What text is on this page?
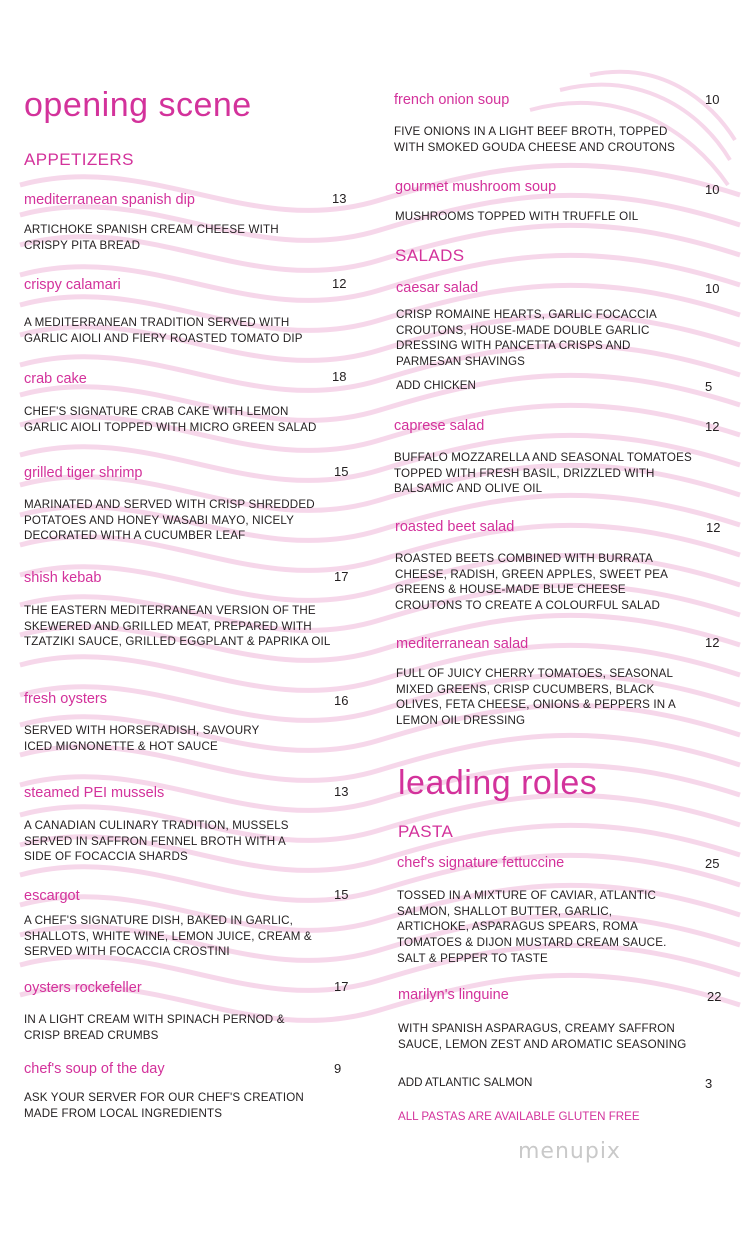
opening scene
APPETIZERS
mediterranean spanish dip	13
ARTICHOKE SPANISH CREAM CHEESE WITH CRISPY PITA BREAD
crispy calamari	12
A MEDITERRANEAN TRADITION SERVED WITH GARLIC AIOLI AND FIERY ROASTED TOMATO DIP
crab cake	18
CHEF'S SIGNATURE CRAB CAKE WITH LEMON GARLIC AIOLI TOPPED WITH MICRO GREEN SALAD
grilled tiger shrimp	15
MARINATED AND SERVED WITH CRISP SHREDDED POTATOES AND HONEY WASABI MAYO, NICELY DECORATED WITH A CUCUMBER LEAF
shish kebab	17
THE EASTERN MEDITERRANEAN VERSION OF THE SKEWERED AND GRILLED MEAT, PREPARED WITH TZATZIKI SAUCE, GRILLED EGGPLANT & PAPRIKA OIL
fresh oysters	16
SERVED WITH HORSERADISH, SAVOURY ICED MIGNONETTE & HOT SAUCE
steamed PEI mussels	13
A CANADIAN CULINARY TRADITION, MUSSELS SERVED IN SAFFRON FENNEL BROTH WITH A SIDE OF FOCACCIA SHARDS
escargot	15
A CHEF'S SIGNATURE DISH, BAKED IN GARLIC, SHALLOTS, WHITE WINE, LEMON JUICE, CREAM & SERVED WITH FOCACCIA CROSTINI
oysters rockefeller	17
IN A LIGHT CREAM WITH SPINACH PERNOD & CRISP BREAD CRUMBS
chef's soup of the day	9
ASK YOUR SERVER FOR OUR CHEF'S CREATION MADE FROM LOCAL INGREDIENTS
french onion soup	10
FIVE ONIONS IN A LIGHT BEEF BROTH, TOPPED WITH SMOKED GOUDA CHEESE AND CROUTONS
gourmet mushroom soup	10
MUSHROOMS TOPPED WITH TRUFFLE OIL
SALADS
caesar salad	10
CRISP ROMAINE HEARTS, GARLIC FOCACCIA CROUTONS, HOUSE-MADE DOUBLE GARLIC DRESSING WITH PANCETTA CRISPS AND PARMESAN SHAVINGS
ADD CHICKEN	5
caprese salad	12
BUFFALO MOZZARELLA AND SEASONAL TOMATOES TOPPED WITH FRESH BASIL, DRIZZLED WITH BALSAMIC AND OLIVE OIL
roasted beet salad	12
ROASTED BEETS COMBINED WITH BURRATA CHEESE, RADISH, GREEN APPLES, SWEET PEA GREENS & HOUSE-MADE BLUE CHEESE CROUTONS TO CREATE A COLOURFUL SALAD
mediterranean salad	12
FULL OF JUICY CHERRY TOMATOES, SEASONAL MIXED GREENS, CRISP CUCUMBERS, BLACK OLIVES, FETA CHEESE, ONIONS & PEPPERS IN A LEMON OIL DRESSING
leading roles
PASTA
chef's signature fettuccine	25
TOSSED IN A MIXTURE OF CAVIAR, ATLANTIC SALMON, SHALLOT BUTTER, GARLIC, ARTICHOKE, ASPARAGUS SPEARS, ROMA TOMATOES & DIJON MUSTARD CREAM SAUCE. SALT & PEPPER TO TASTE
marilyn's linguine	22
WITH SPANISH ASPARAGUS, CREAMY SAFFRON SAUCE, LEMON ZEST AND AROMATIC SEASONING
ADD ATLANTIC SALMON	3
ALL PASTAS ARE AVAILABLE GLUTEN FREE
menupix
